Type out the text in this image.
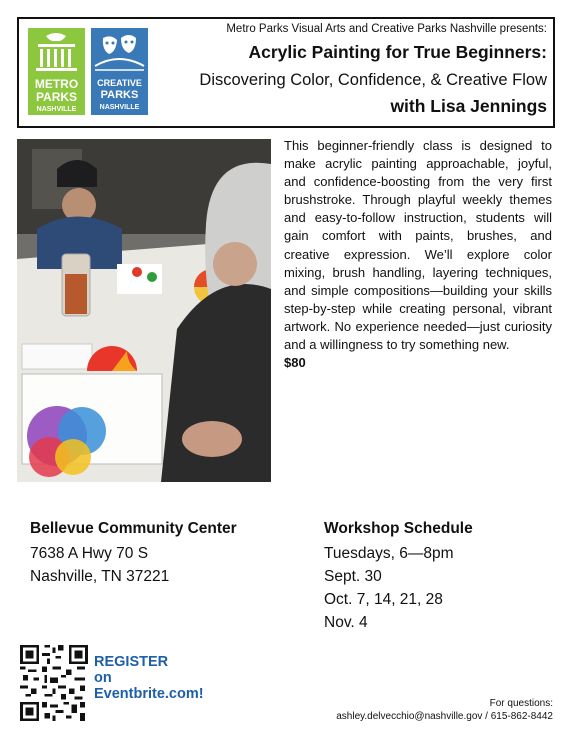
METRO
PARKS
NASHVILLE
CREATIVE
PARKS
NASHVILLE
Metro Parks Visual Arts and Creative Parks Nashville presents:
Acrylic Painting for True Beginners:
Discovering Color, Confidence, & Creative Flow
with Lisa Jennings
This beginner-friendly class is designed to make acrylic painting approachable, joyful, and confidence-boosting from the very first brushstroke. Through playful weekly themes and easy-to-follow instruction, students will gain comfort with paints, brushes, and creative expression. We’ll explore color mixing, brush handling, layering techniques, and simple compositions—building your skills step-by-step while creating personal, vibrant artwork. No experience needed—just curiosity and a willingness to try something new.
$80
Bellevue Community Center
7638 A Hwy 70 S
Nashville, TN 37221
Workshop Schedule
Tuesdays, 6—8pm
Sept. 30
Oct. 7, 14, 21, 28
Nov. 4
REGISTER
on
Eventbrite.com!
For questions:
ashley.delvecchio@nashville.gov / 615-862-8442
